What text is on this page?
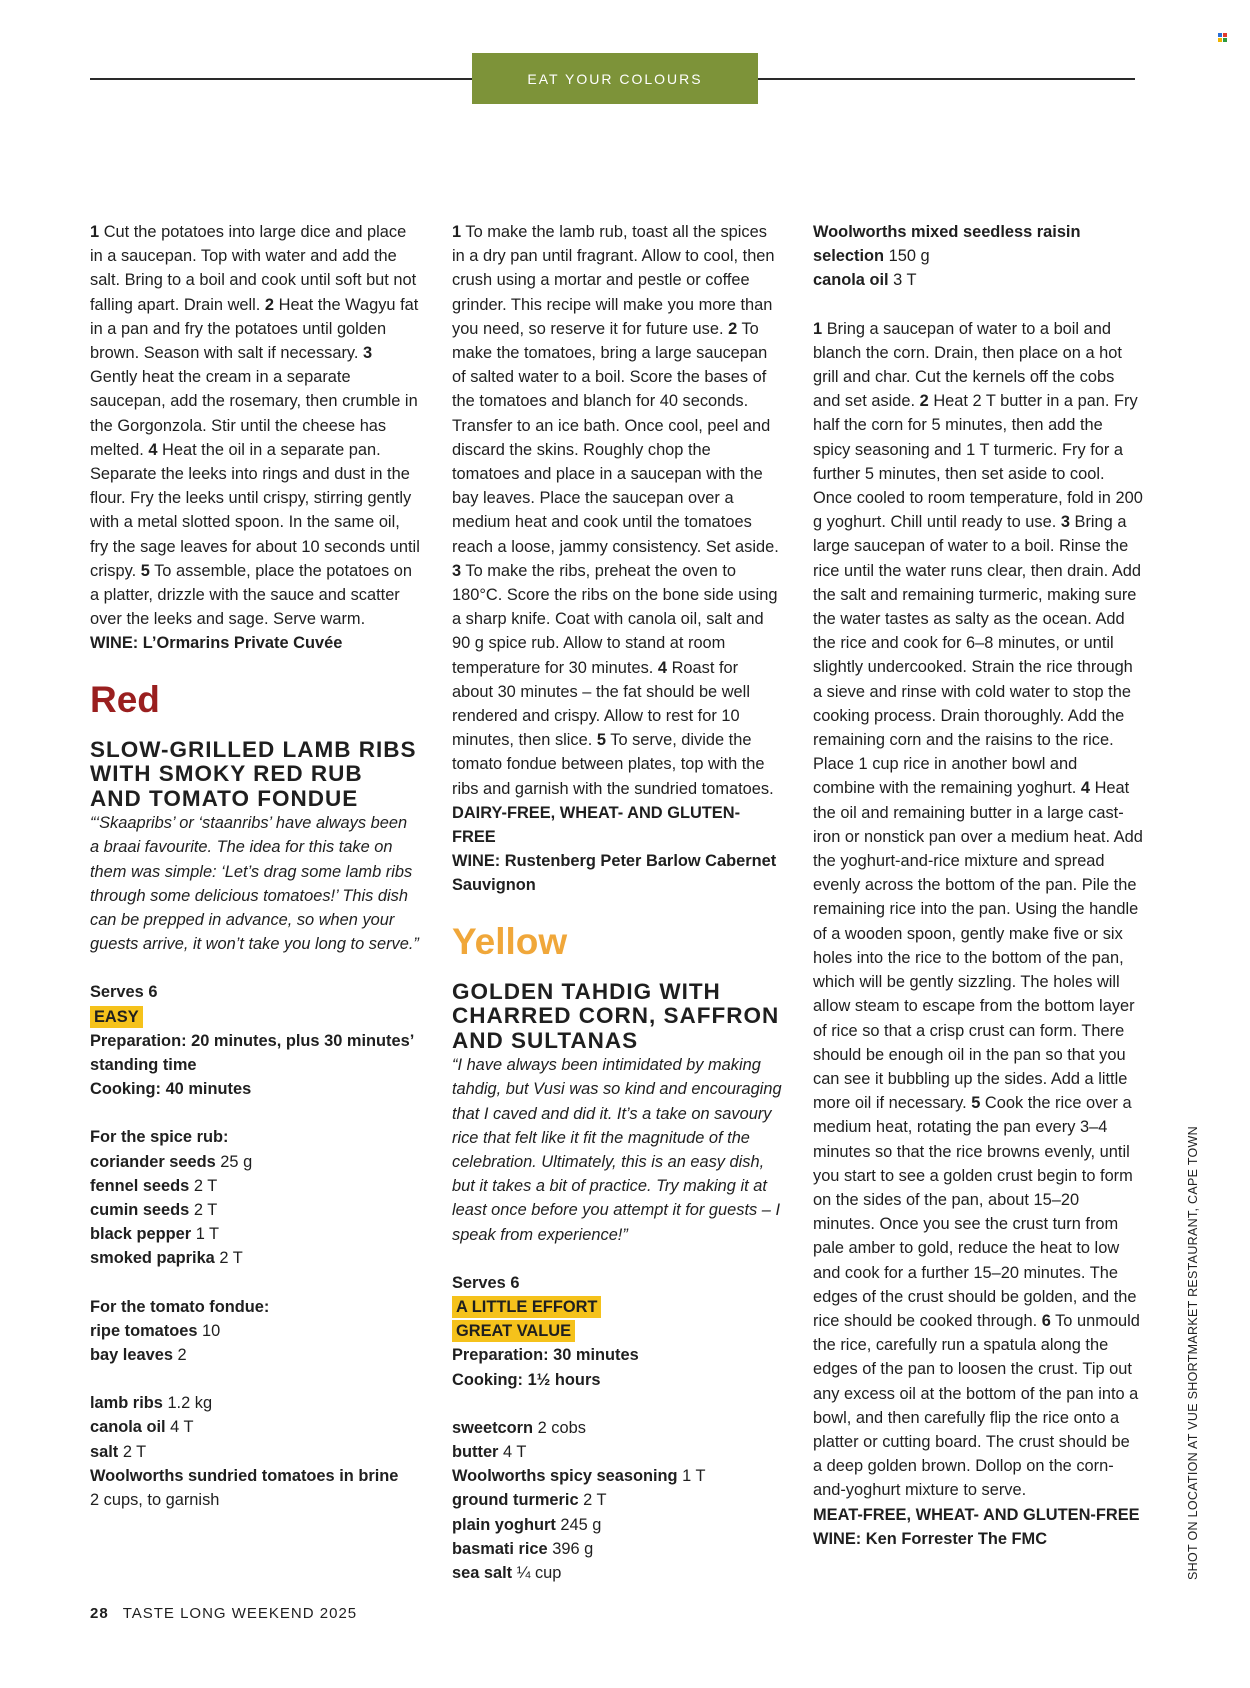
EAT YOUR COLOURS

1 Cut the potatoes into large dice and place in a saucepan. Top with water and add the salt. Bring to a boil and cook until soft but not falling apart. Drain well. 2 Heat the Wagyu fat in a pan and fry the potatoes until golden brown. Season with salt if necessary. 3 Gently heat the cream in a separate saucepan, add the rosemary, then crumble in the Gorgonzola. Stir until the cheese has melted. 4 Heat the oil in a separate pan. Separate the leeks into rings and dust in the flour. Fry the leeks until crispy, stirring gently with a metal slotted spoon. In the same oil, fry the sage leaves for about 10 seconds until crispy. 5 To assemble, place the potatoes on a platter, drizzle with the sauce and scatter over the leeks and sage. Serve warm.

WINE: L’Ormarins Private Cuvée

Red
SLOW-GRILLED LAMB RIBS WITH SMOKY RED RUB AND TOMATO FONDUE

“‘Skaapribs’ or ‘staanribs’ have always been a braai favourite. The idea for this take on them was simple: ‘Let’s drag some lamb ribs through some delicious tomatoes!’ This dish can be prepped in advance, so when your guests arrive, it won’t take you long to serve.”

Serves 6

EASY

Preparation: 20 minutes, plus 30 minutes’ standing time

Cooking: 40 minutes

For the spice rub:

coriander seeds 25 g

fennel seeds 2 T

cumin seeds 2 T

black pepper 1 T

smoked paprika 2 T

For the tomato fondue:

ripe tomatoes 10

bay leaves 2

lamb ribs 1.2 kg

canola oil 4 T

salt 2 T

Woolworths sundried tomatoes in brine
2 cups, to garnish

1 To make the lamb rub, toast all the spices in a dry pan until fragrant. Allow to cool, then crush using a mortar and pestle or coffee grinder. This recipe will make you more than you need, so reserve it for future use. 2 To make the tomatoes, bring a large saucepan of salted water to a boil. Score the bases of the tomatoes and blanch for 40 seconds. Transfer to an ice bath. Once cool, peel and discard the skins. Roughly chop the tomatoes and place in a saucepan with the bay leaves. Place the saucepan over a medium heat and cook until the tomatoes reach a loose, jammy consistency. Set aside. 3 To make the ribs, preheat the oven to 180°C. Score the ribs on the bone side using a sharp knife. Coat with canola oil, salt and 90 g spice rub. Allow to stand at room temperature for 30 minutes. 4 Roast for about 30 minutes – the fat should be well rendered and crispy. Allow to rest for 10 minutes, then slice. 5 To serve, divide the tomato fondue between plates, top with the ribs and garnish with the sundried tomatoes.

DAIRY-FREE, WHEAT- AND GLUTEN-FREE

WINE: Rustenberg Peter Barlow Cabernet Sauvignon

Yellow
GOLDEN TAHDIG WITH CHARRED CORN, SAFFRON AND SULTANAS

“I have always been intimidated by making tahdig, but Vusi was so kind and encouraging that I caved and did it. It’s a take on savoury rice that felt like it fit the magnitude of the celebration. Ultimately, this is an easy dish, but it takes a bit of practice. Try making it at least once before you attempt it for guests – I speak from experience!”

Serves 6

A LITTLE EFFORT
GREAT VALUE

Preparation: 30 minutes

Cooking: 1½ hours

sweetcorn 2 cobs

butter 4 T

Woolworths spicy seasoning 1 T

ground turmeric 2 T

plain yoghurt 245 g

basmati rice 396 g

sea salt ¼ cup

Woolworths mixed seedless raisin selection 150 g

canola oil 3 T

1 Bring a saucepan of water to a boil and blanch the corn. Drain, then place on a hot grill and char. Cut the kernels off the cobs and set aside. 2 Heat 2 T butter in a pan. Fry half the corn for 5 minutes, then add the spicy seasoning and 1 T turmeric. Fry for a further 5 minutes, then set aside to cool. Once cooled to room temperature, fold in 200 g yoghurt. Chill until ready to use. 3 Bring a large saucepan of water to a boil. Rinse the rice until the water runs clear, then drain. Add the salt and remaining turmeric, making sure the water tastes as salty as the ocean. Add the rice and cook for 6–8 minutes, or until slightly undercooked. Strain the rice through a sieve and rinse with cold water to stop the cooking process. Drain thoroughly. Add the remaining corn and the raisins to the rice. Place 1 cup rice in another bowl and combine with the remaining yoghurt. 4 Heat the oil and remaining butter in a large cast-iron or nonstick pan over a medium heat. Add the yoghurt-and-rice mixture and spread evenly across the bottom of the pan. Pile the remaining rice into the pan. Using the handle of a wooden spoon, gently make five or six holes into the rice to the bottom of the pan, which will be gently sizzling. The holes will allow steam to escape from the bottom layer of rice so that a crisp crust can form. There should be enough oil in the pan so that you can see it bubbling up the sides. Add a little more oil if necessary. 5 Cook the rice over a medium heat, rotating the pan every 3–4 minutes so that the rice browns evenly, until you start to see a golden crust begin to form on the sides of the pan, about 15–20 minutes. Once you see the crust turn from pale amber to gold, reduce the heat to low and cook for a further 15–20 minutes. The edges of the crust should be golden, and the rice should be cooked through. 6 To unmould the rice, carefully run a spatula along the edges of the pan to loosen the crust. Tip out any excess oil at the bottom of the pan into a bowl, and then carefully flip the rice onto a platter or cutting board. The crust should be a deep golden brown. Dollop on the corn-and-yoghurt mixture to serve.

MEAT-FREE, WHEAT- AND GLUTEN-FREE

WINE: Ken Forrester The FMC	SHOT ON LOCATION AT VUE SHORTMARKET RESTAURANT, CAPE TOWN
28 TASTE LONG WEEKEND 2025
